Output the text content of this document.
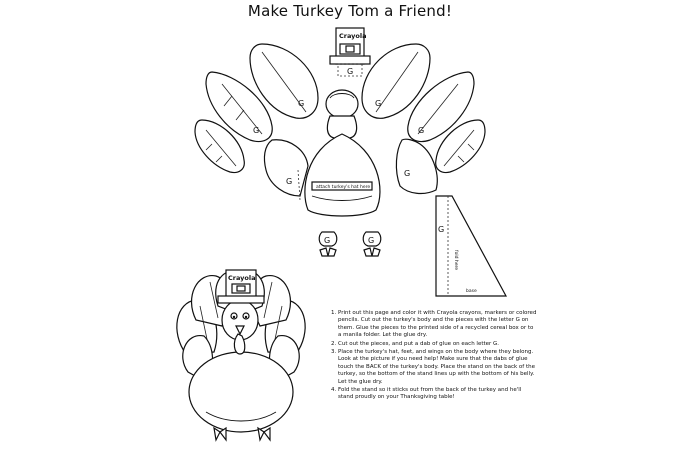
Make Turkey Tom a Friend!
Crayola
G
G
G
G
G
G
G
attach turkey's hat here
G
fold here
base
G	G
Crayola
1. Print out this page and color it with Crayola crayons, markers or colored pencils. Cut out the turkey's body and the pieces with the letter G on them. Glue the pieces to the printed side of a recycled cereal box or to a manila folder. Let the glue dry.
2. Cut out the pieces, and put a dab of glue on each letter G.
3. Place the turkey's hat, feet, and wings on the body where they belong. Look at the picture if you need help! Make sure that the dabs of glue touch the BACK of the turkey's body. Place the stand on the back of the turkey, so the bottom of the stand lines up with the bottom of his belly. Let the glue dry.
4. Fold the stand so it sticks out from the back of the turkey and he'll stand proudly on your Thanksgiving table!
